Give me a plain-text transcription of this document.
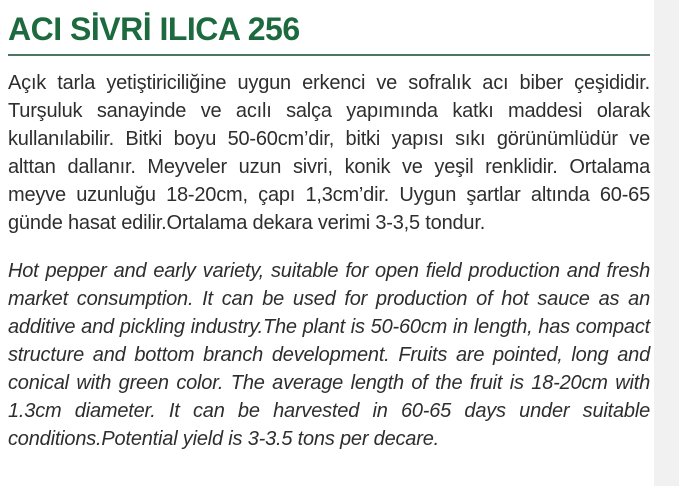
ACI SİVRİ ILICA 256

Açık tarla yetiştiriciliğine uygun erkenci ve sofralık acı biber çeşididir. Turşuluk sanayinde ve acılı salça yapımında katkı maddesi olarak kullanılabilir. Bitki boyu 50-60cm’dir, bitki yapısı sıkı görünümlüdür ve alttan dallanır. Meyveler uzun sivri, konik ve yeşil renklidir. Ortalama meyve uzunluğu 18-20cm, çapı 1,3cm’dir. Uygun şartlar altında 60-65 günde hasat edilir.Ortalama dekara verimi 3-3,5 tondur.

Hot pepper and early variety, suitable for open field production and fresh market consumption. It can be used for production of hot sauce as an additive and pickling industry.The plant is 50-60cm in length, has compact structure and bottom branch development. Fruits are pointed, long and conical with green color. The average length of the fruit is 18-20cm with 1.3cm diameter. It can be harvested in 60-65 days under suitable conditions.Potential yield is 3-3.5 tons per decare.
